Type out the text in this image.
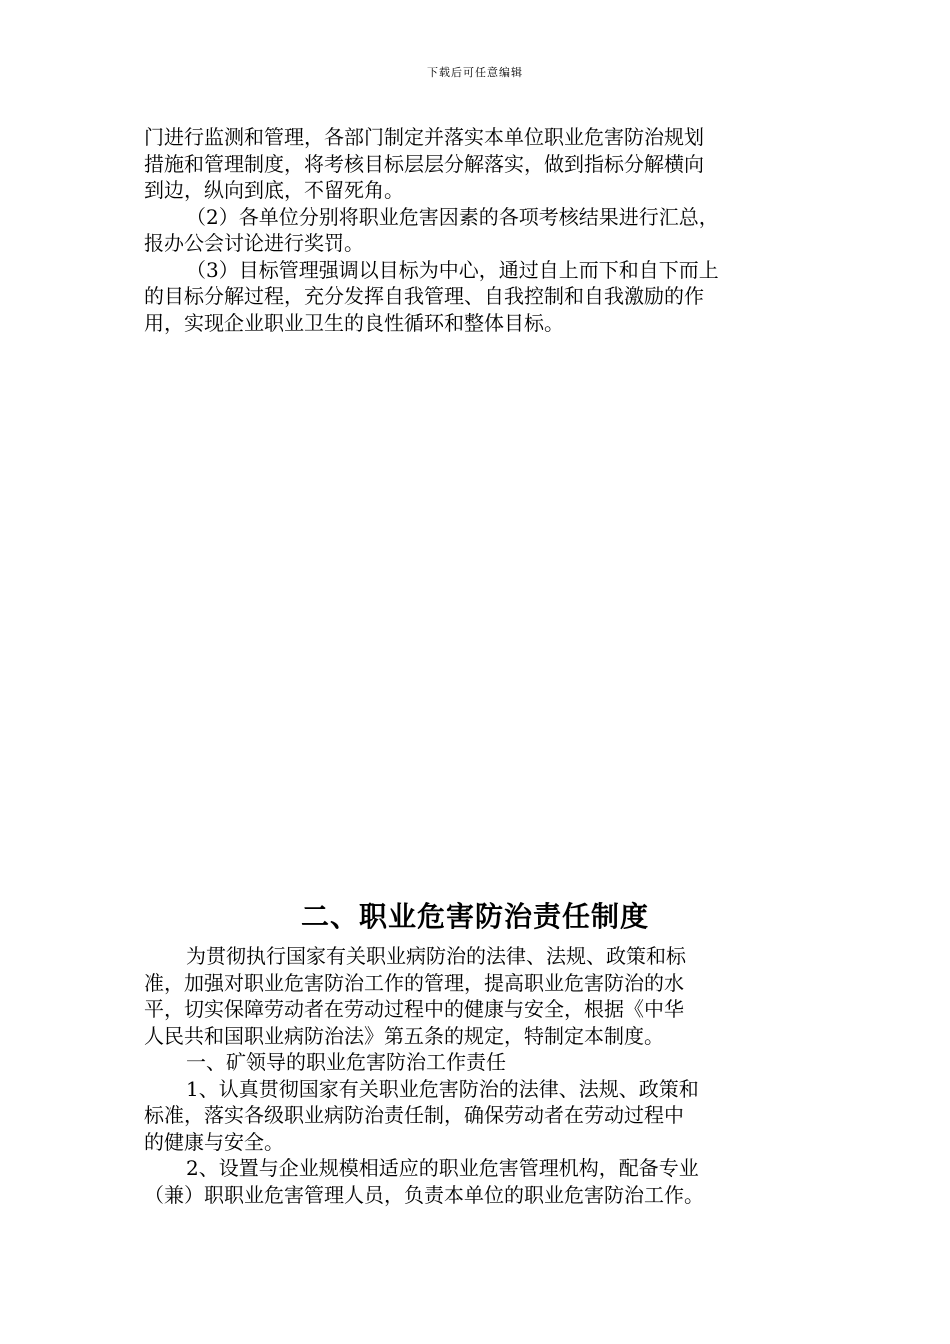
下载后可任意编辑

门进行监测和管理，各部门制定并落实本单位职业危害防治规划

措施和管理制度，将考核目标层层分解落实，做到指标分解横向

到边，纵向到底，不留死角。

（2）各单位分别将职业危害因素的各项考核结果进行汇总，

报办公会讨论进行奖罚。

（3）目标管理强调以目标为中心，通过自上而下和自下而上

的目标分解过程，充分发挥自我管理、自我控制和自我激励的作

用，实现企业职业卫生的良性循环和整体目标。

二、职业危害防治责任制度

为贯彻执行国家有关职业病防治的法律、法规、政策和标

准，加强对职业危害防治工作的管理，提高职业危害防治的水

平，切实保障劳动者在劳动过程中的健康与安全，根据《中华

人民共和国职业病防治法》第五条的规定，特制定本制度。

一、矿领导的职业危害防治工作责任

1、认真贯彻国家有关职业危害防治的法律、法规、政策和

标准，落实各级职业病防治责任制，确保劳动者在劳动过程中

的健康与安全。

2、设置与企业规模相适应的职业危害管理机构，配备专业

（兼）职职业危害管理人员，负责本单位的职业危害防治工作。
